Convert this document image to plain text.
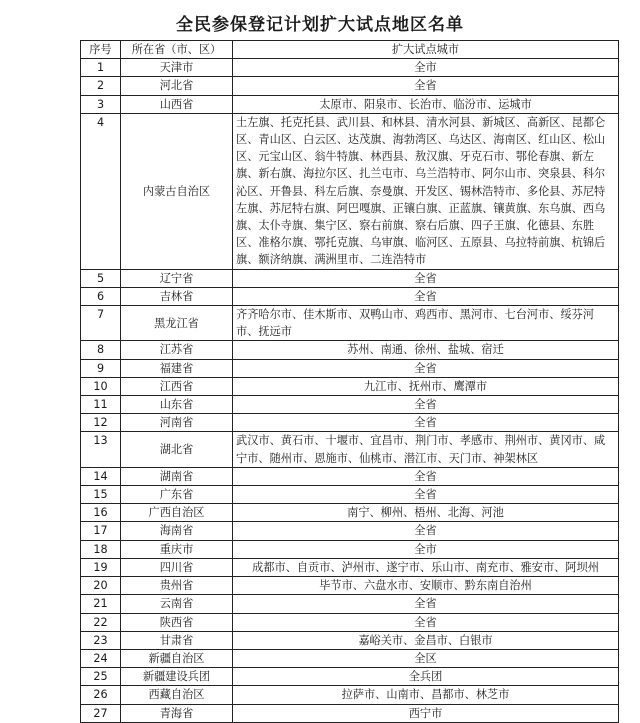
全民参保登记计划扩大试点地区名单
序号	所在省（市、区）	扩大试点城市
1	天津市	全市
2	河北省	全省
3	山西省	太原市、阳泉市、长治市、临汾市、运城市
4	内蒙古自治区	土左旗、托克托县、武川县、和林县、清水河县、新城区、高新区、昆都仑区、青山区、白云区、达茂旗、海勃湾区、乌达区、海南区、红山区、松山区、元宝山区、翁牛特旗、林西县、敖汉旗、牙克石市、鄂伦春旗、新左旗、新右旗、海拉尔区、扎兰屯市、乌兰浩特市、阿尔山市、突泉县、科尔沁区、开鲁县、科左后旗、奈曼旗、开发区、锡林浩特市、多伦县、苏尼特左旗、苏尼特右旗、阿巴嘎旗、正镶白旗、正蓝旗、镶黄旗、东乌旗、西乌旗、太仆寺旗、集宁区、察右前旗、察右后旗、四子王旗、化德县、东胜区、准格尔旗、鄂托克旗、乌审旗、临河区、五原县、乌拉特前旗、杭锦后旗、额济纳旗、满洲里市、二连浩特市
5	辽宁省	全省
6	吉林省	全省
7	黑龙江省	齐齐哈尔市、佳木斯市、双鸭山市、鸡西市、黑河市、七台河市、绥芬河市、抚远市
8	江苏省	苏州、南通、徐州、盐城、宿迁
9	福建省	全省
10	江西省	九江市、抚州市、鹰潭市
11	山东省	全省
12	河南省	全省
13	湖北省	武汉市、黄石市、十堰市、宜昌市、荆门市、孝感市、荆州市、黄冈市、咸宁市、随州市、恩施市、仙桃市、潜江市、天门市、神架林区
14	湖南省	全省
15	广东省	全省
16	广西自治区	南宁、柳州、梧州、北海、河池
17	海南省	全省
18	重庆市	全市
19	四川省	成都市、自贡市、泸州市、遂宁市、乐山市、南充市、雅安市、阿坝州
20	贵州省	毕节市、六盘水市、安顺市、黔东南自治州
21	云南省	全省
22	陕西省	全省
23	甘肃省	嘉峪关市、金昌市、白银市
24	新疆自治区	全区
25	新疆建设兵团	全兵团
26	西藏自治区	拉萨市、山南市、昌都市、林芝市
27	青海省	西宁市
